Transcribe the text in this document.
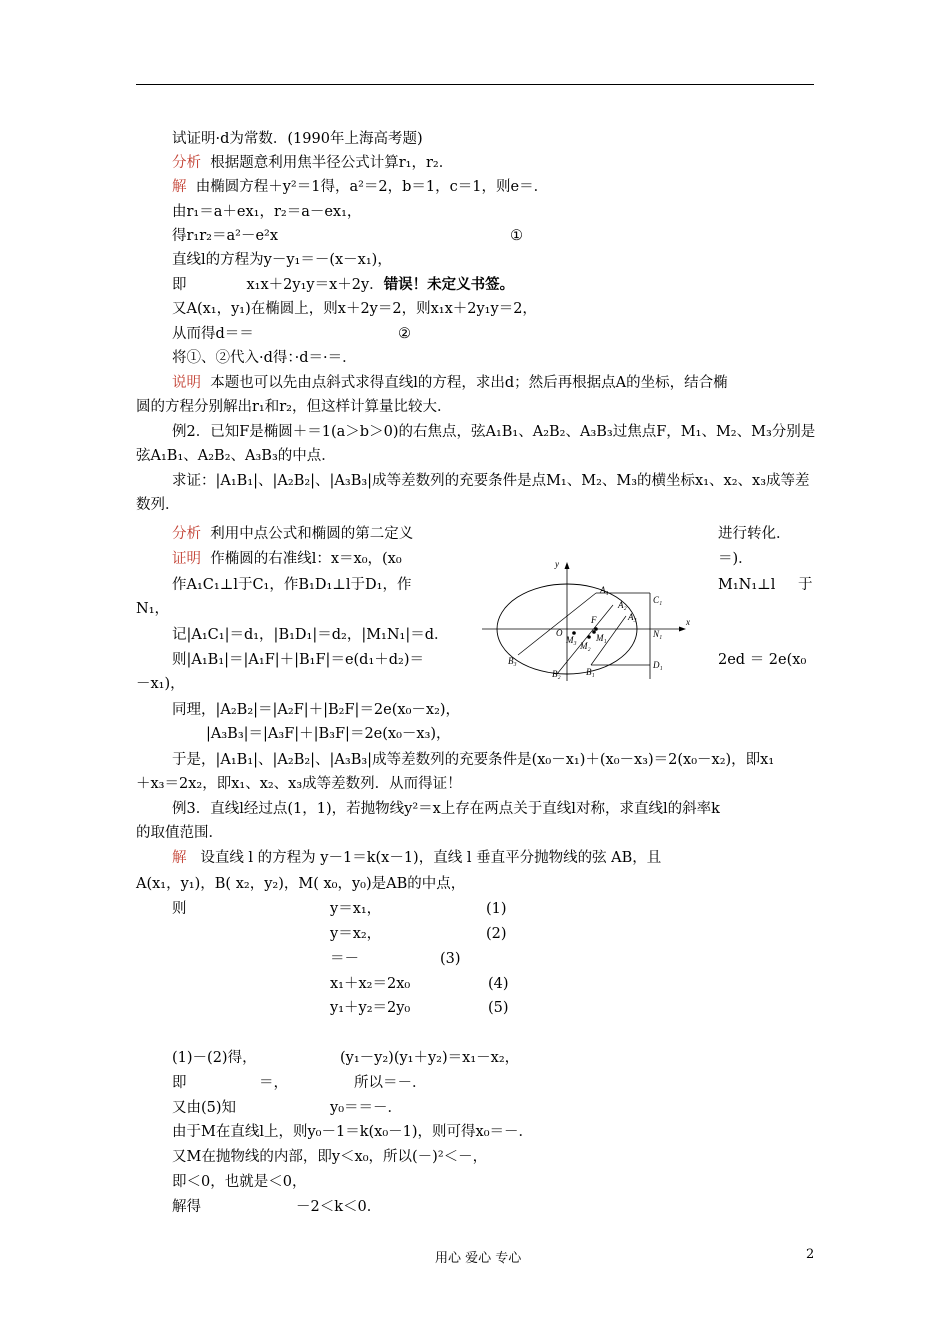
试证明·d为常数．(1990年上海高考题)
分析 根据题意利用焦半径公式计算r₁，r₂．
解 由椭圆方程＋y²＝1得，a²＝2，b＝1，c＝1，则e＝．
由r₁＝a＋ex₁，r₂＝a－ex₁，
得r₁r₂＝a²－e²x	①
直线l的方程为y－y₁＝－(x－x₁)，
即	x₁x＋2y₁y＝x＋2y．错误！未定义书签。
又A(x₁，y₁)在椭圆上，则x＋2y＝2，则x₁x＋2y₁y＝2，
从而得d＝＝	②
将①、②代入·d得：·d＝·＝．
说明 本题也可以先由点斜式求得直线l的方程，求出d；然后再根据点A的坐标，结合椭
圆的方程分别解出r₁和r₂，但这样计算量比较大．
例2．已知F是椭圆＋＝1(a＞b＞0)的右焦点，弦A₁B₁、A₂B₂、A₃B₃过焦点F，M₁、M₂、M₃分别是
弦A₁B₁、A₂B₂、A₃B₃的中点．
求证：|A₁B₁|、|A₂B₂|、|A₃B₃|成等差数列的充要条件是点M₁、M₂、M₃的横坐标x₁、x₂、x₃成等差
数列．
分析 利用中点公式和椭圆的第二定义	进行转化．
证明 作椭圆的右准线l：x＝x₀，(x₀	＝)．
作A₁C₁⊥l于C₁，作B₁D₁⊥l于D₁，作	M₁N₁⊥l 于
N₁，
记|A₁C₁|＝d₁，|B₁D₁|＝d₂，|M₁N₁|＝d．
则|A₁B₁|＝|A₁F|＋|B₁F|＝e(d₁＋d₂)＝	2ed ＝ 2e(x₀
－x₁)，
同理，|A₂B₂|＝|A₂F|＋|B₂F|＝2e(x₀－x₂)，
|A₃B₃|＝|A₃F|＋|B₃F|＝2e(x₀－x₃)，
于是，|A₁B₁|、|A₂B₂|、|A₃B₃|成等差数列的充要条件是(x₀－x₁)＋(x₀－x₃)＝2(x₀－x₂)，即x₁
＋x₃＝2x₂，即x₁、x₂、x₃成等差数列．从而得证！
例3．直线l经过点(1，1)，若抛物线y²＝x上存在两点关于直线l对称，求直线l的斜率k
的取值范围．
解 设直线 l 的方程为 y－1＝k(x－1)，直线 l 垂直平分抛物线的弦 AB，且
A(x₁，y₁)，B( x₂，y₂)，M( x₀，y₀)是AB的中点，
则	y＝x₁，	(1)
y＝x₂，	(2)
＝－	(3)
x₁＋x₂＝2x₀	(4)
y₁＋y₂＝2y₀	(5)
(1)－(2)得，	(y₁－y₂)(y₁＋y₂)＝x₁－x₂，
即	＝，	所以＝－．
又由(5)知	y₀＝＝－．
由于M在直线l上，则y₀－1＝k(x₀－1)，则可得x₀＝－．
又M在抛物线的内部，即y＜x₀，所以(－)²＜－，
即＜0，也就是＜0，
解得	－2＜k＜0．
x
y
A₁
A₂
A₃
C₁
F
O
M₃ M₁
M₂
N₁
B₃
B₂	B₁
D₁
用心 爱心 专心	2
